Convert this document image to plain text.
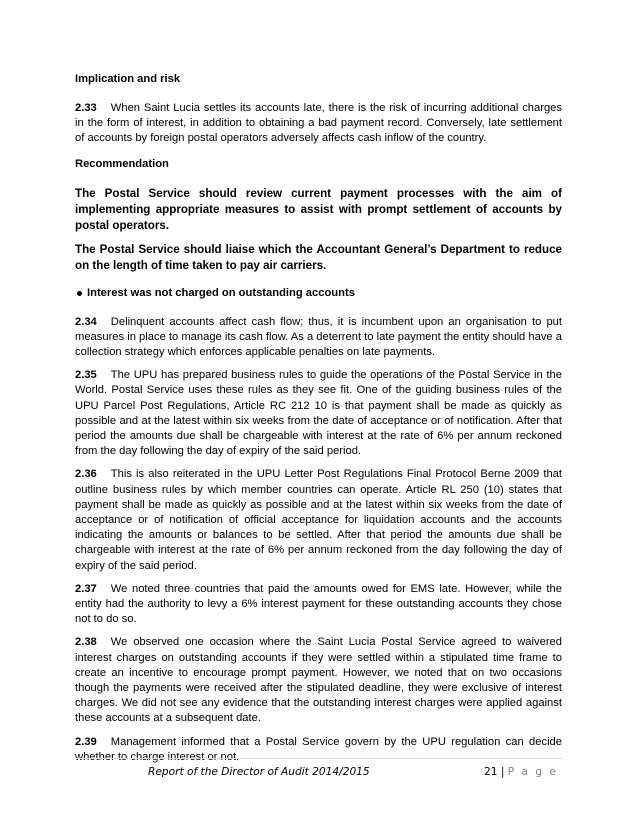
Implication and risk

2.33 When Saint Lucia settles its accounts late, there is the risk of incurring additional charges in the form of interest, in addition to obtaining a bad payment record. Conversely, late settlement of accounts by foreign postal operators adversely affects cash inflow of the country.

Recommendation

The Postal Service should review current payment processes with the aim of implementing appropriate measures to assist with prompt settlement of accounts by postal operators.

The Postal Service should liaise which the Accountant General’s Department to reduce on the length of time taken to pay air carriers.

Interest was not charged on outstanding accounts

2.34 Delinquent accounts affect cash flow; thus, it is incumbent upon an organisation to put measures in place to manage its cash flow. As a deterrent to late payment the entity should have a collection strategy which enforces applicable penalties on late payments.

2.35 The UPU has prepared business rules to guide the operations of the Postal Service in the World. Postal Service uses these rules as they see fit. One of the guiding business rules of the UPU Parcel Post Regulations, Article RC 212 10 is that payment shall be made as quickly as possible and at the latest within six weeks from the date of acceptance or of notification. After that period the amounts due shall be chargeable with interest at the rate of 6% per annum reckoned from the day following the day of expiry of the said period.

2.36 This is also reiterated in the UPU Letter Post Regulations Final Protocol Berne 2009 that outline business rules by which member countries can operate. Article RL 250 (10) states that payment shall be made as quickly as possible and at the latest within six weeks from the date of acceptance or of notification of official acceptance for liquidation accounts and the accounts indicating the amounts or balances to be settled. After that period the amounts due shall be chargeable with interest at the rate of 6% per annum reckoned from the day following the day of expiry of the said period.

2.37 We noted three countries that paid the amounts owed for EMS late. However, while the entity had the authority to levy a 6% interest payment for these outstanding accounts they chose not to do so.

2.38 We observed one occasion where the Saint Lucia Postal Service agreed to waivered interest charges on outstanding accounts if they were settled within a stipulated time frame to create an incentive to encourage prompt payment. However, we noted that on two occasions though the payments were received after the stipulated deadline, they were exclusive of interest charges. We did not see any evidence that the outstanding interest charges were applied against these accounts at a subsequent date.

2.39 Management informed that a Postal Service govern by the UPU regulation can decide whether to charge interest or not.

Report of the Director of Audit 2014/2015	21 | P a g e
